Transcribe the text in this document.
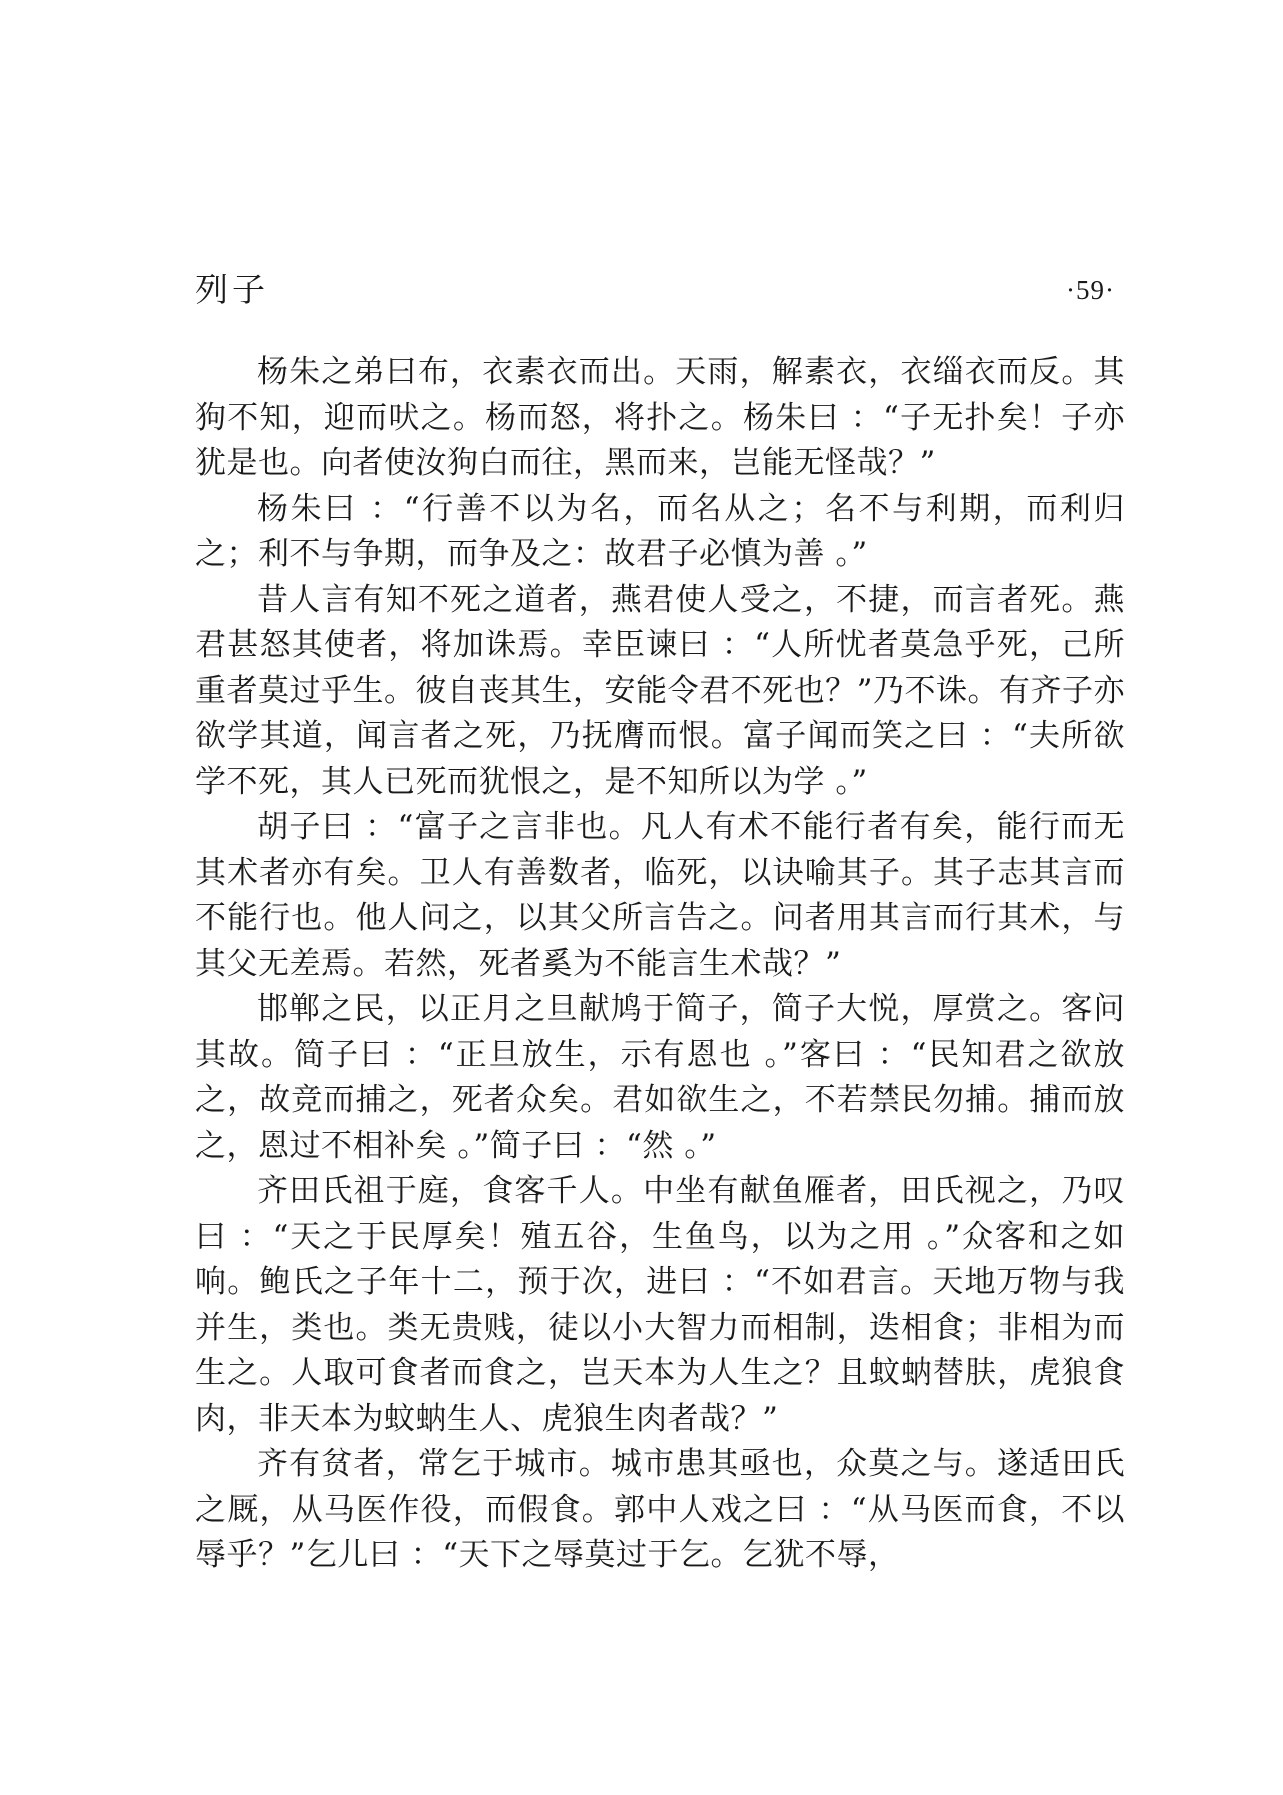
列子	·59·

杨朱之弟曰布，衣素衣而出。天雨，解素衣，衣缁衣而反。其狗不知，迎而吠之。杨而怒，将扑之。杨朱曰 ：“子无扑矣！子亦犹是也。向者使汝狗白而往，黑而来，岂能无怪哉？”

杨朱曰 ：“行善不以为名，而名从之；名不与利期，而利归之；利不与争期，而争及之：故君子必慎为善 。”

昔人言有知不死之道者，燕君使人受之，不捷，而言者死。燕君甚怒其使者，将加诛焉。幸臣谏曰 ：“人所忧者莫急乎死，己所重者莫过乎生。彼自丧其生，安能令君不死也？”乃不诛。有齐子亦欲学其道，闻言者之死，乃抚膺而恨。富子闻而笑之曰 ：“夫所欲学不死，其人已死而犹恨之，是不知所以为学 。”

胡子曰 ：“富子之言非也。凡人有术不能行者有矣，能行而无其术者亦有矣。卫人有善数者，临死，以诀喻其子。其子志其言而不能行也。他人问之，以其父所言告之。问者用其言而行其术，与其父无差焉。若然，死者奚为不能言生术哉？”

邯郸之民，以正月之旦献鸠于简子，简子大悦，厚赏之。客问其故。简子曰 ：“正旦放生，示有恩也 。”客曰 ：“民知君之欲放之，故竞而捕之，死者众矣。君如欲生之，不若禁民勿捕。捕而放之，恩过不相补矣 。”简子曰 ：“然 。”

齐田氏祖于庭，食客千人。中坐有献鱼雁者，田氏视之，乃叹曰 ：“天之于民厚矣！殖五谷，生鱼鸟，以为之用 。”众客和之如响。鲍氏之子年十二，预于次，进曰 ：“不如君言。天地万物与我并生，类也。类无贵贱，徒以小大智力而相制，迭相食；非相为而生之。人取可食者而食之，岂天本为人生之？且蚊蚋替肤，虎狼食肉，非天本为蚊蚋生人、虎狼生肉者哉？”

齐有贫者，常乞于城市。城市患其亟也，众莫之与。遂适田氏之厩，从马医作役，而假食。郭中人戏之曰 ：“从马医而食，不以辱乎？”乞儿曰 ：“天下之辱莫过于乞。乞犹不辱，
